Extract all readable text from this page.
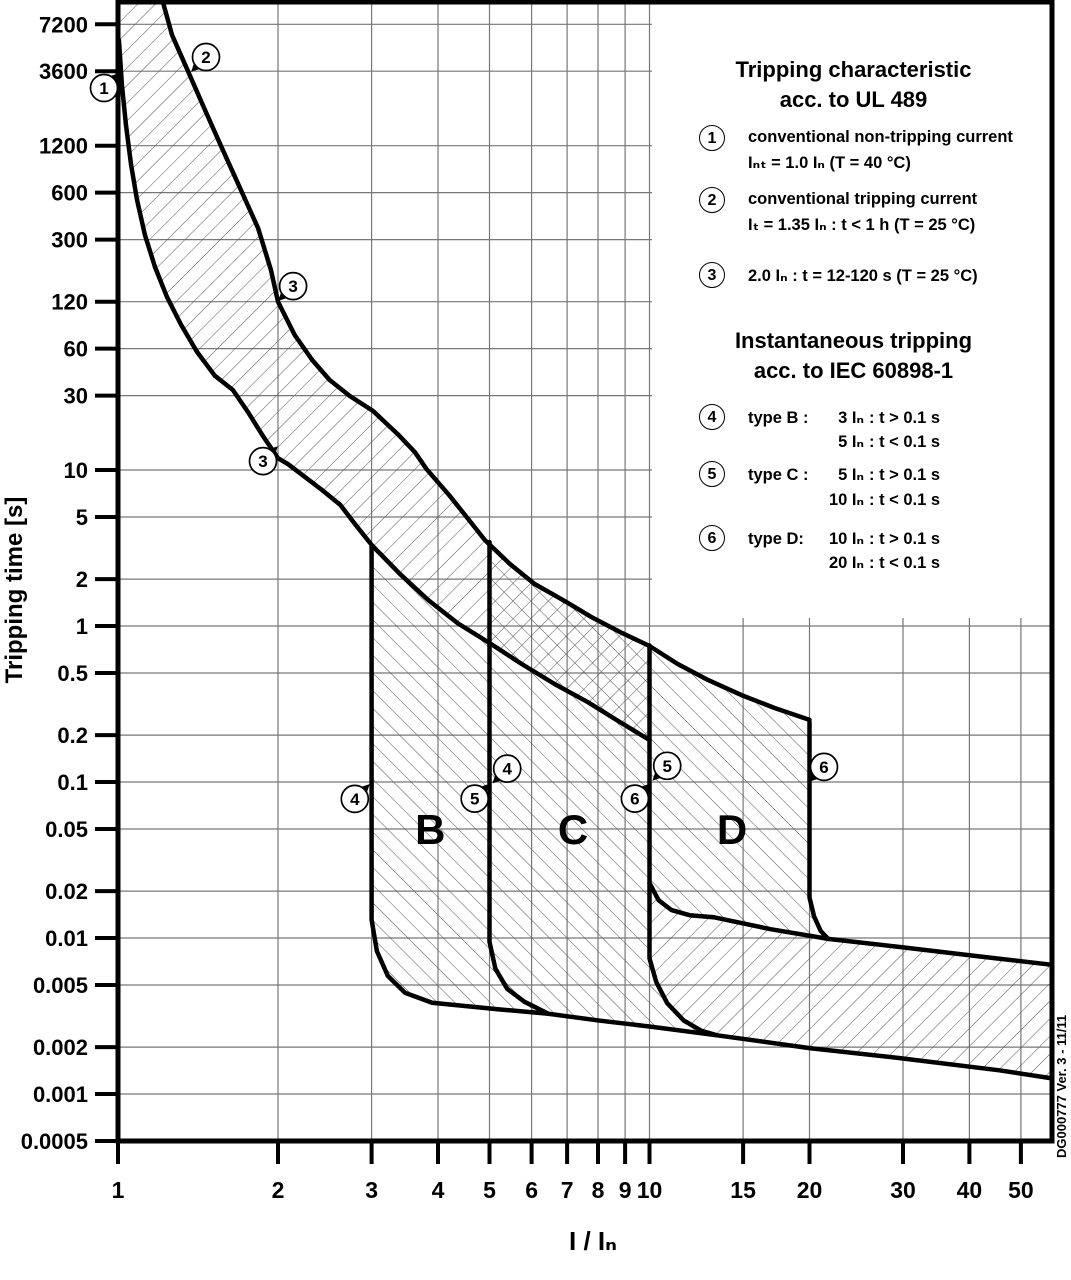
7200
3600
1200
600
300
120
60
30
10
5
2
1
0.5
0.2
0.1
0.05
0.02
0.01
0.005
0.002
0.001
0.0005
1	2	3 4 5 6 7 8 9 10	15 20	30 40 50
Tripping time [s]
I / Iₙ
DG000777 Ver. 3 - 11/11
B	C	D
1
2
3
3
4
4
5
5
6
6
Tripping characteristic
acc. to UL 489
1	conventional non-tripping current
Iₙₜ = 1.0 Iₙ (T = 40 °C)
2	conventional tripping current
Iₜ = 1.35 Iₙ : t < 1 h (T = 25 °C)
3	2.0 Iₙ : t = 12-120 s (T = 25 °C)
Instantaneous tripping
acc. to IEC 60898-1
4	type B : 3 Iₙ : t > 0.1 s
5 Iₙ : t < 0.1 s
5	type C : 5 Iₙ : t > 0.1 s
10 Iₙ : t < 0.1 s
6	type D: 10 Iₙ : t > 0.1 s
20 Iₙ : t < 0.1 s
